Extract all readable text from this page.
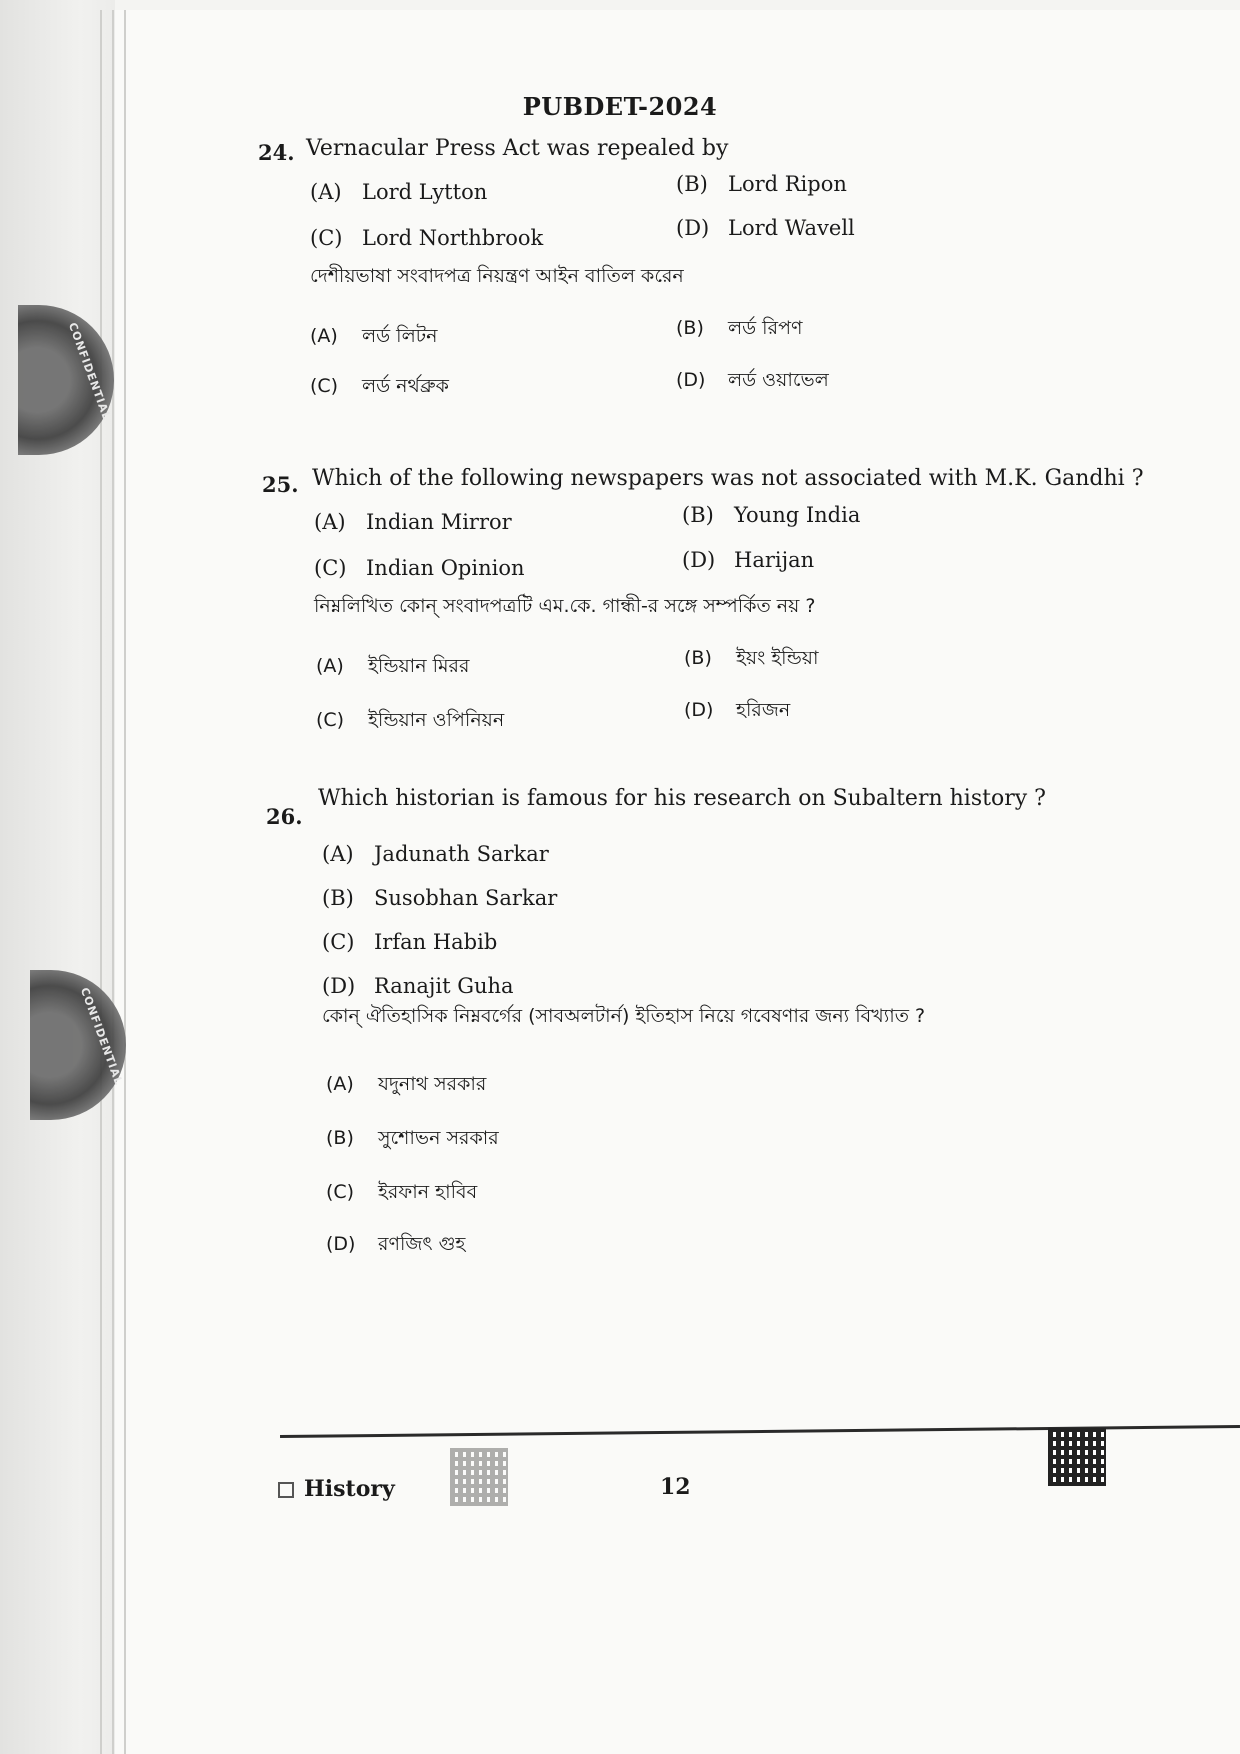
CONFIDENTIAL
CONFIDENTIAL
PUBDET-2024
24. Vernacular Press Act was repealed by
(A) Lord Lytton	(B) Lord Ripon
(C) Lord Northbrook	(D) Lord Wavell
দেশীয়ভাষা সংবাদপত্র নিয়ন্ত্রণ আইন বাতিল করেন
(A) লর্ড লিটন	(B) লর্ড রিপণ
(C) লর্ড নর্থব্রুক	(D) লর্ড ওয়াভেল
25. Which of the following newspapers was not associated with M.K. Gandhi ?
(A) Indian Mirror	(B) Young India
(C) Indian Opinion	(D) Harijan
নিম্নলিখিত কোন্ সংবাদপত্রটি এম.কে. গান্ধী-র সঙ্গে সম্পর্কিত নয় ?
(A) ইন্ডিয়ান মিরর	(B) ইয়ং ইন্ডিয়া
(C) ইন্ডিয়ান ওপিনিয়ন	(D) হরিজন
26.
Which historian is famous for his research on Subaltern history ?
(A) Jadunath Sarkar
(B) Susobhan Sarkar
(C) Irfan Habib
(D) Ranajit Guha
কোন্ ঐতিহাসিক নিম্নবর্গের (সাবঅলটার্ন) ইতিহাস নিয়ে গবেষণার জন্য বিখ্যাত ?
(A) যদুনাথ সরকার
(B) সুশোভন সরকার
(C) ইরফান হাবিব
(D) রণজিৎ গুহ
History	12
